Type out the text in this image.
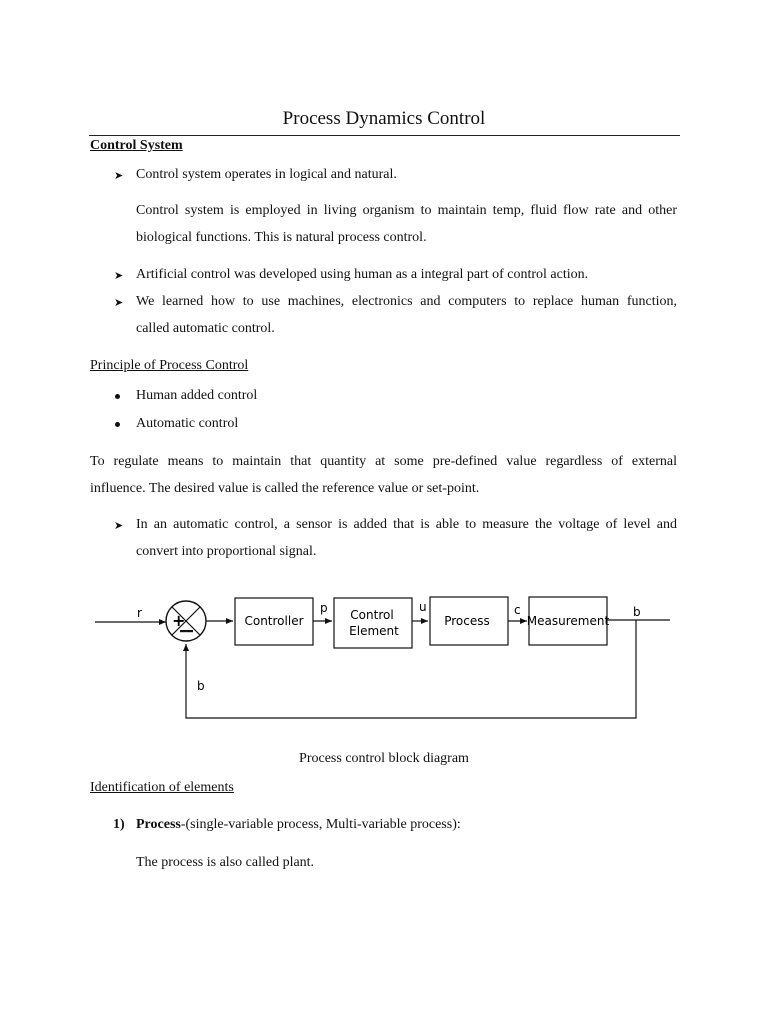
Process Dynamics Control
Control System
➤ Control system operates in logical and natural.
Control system is employed in living organism to maintain temp, fluid flow rate and other
biological functions. This is natural process control.
➤ Artificial control was developed using human as a integral part of control action.
➤ We learned how to use machines, electronics and computers to replace human function,
called automatic control.
Principle of Process Control
Human added control
Automatic control
To regulate means to maintain that quantity at some pre-defined value regardless of external
influence. The desired value is called the reference value or set-point.
➤ In an automatic control, a sensor is added that is able to measure the voltage of level and
convert into proportional signal.
r +	Controller
p Control
Element
u
Process
c
Measurement
b
b
Process control block diagram
Identification of elements
1) Process-(single-variable process, Multi-variable process):
The process is also called plant.
